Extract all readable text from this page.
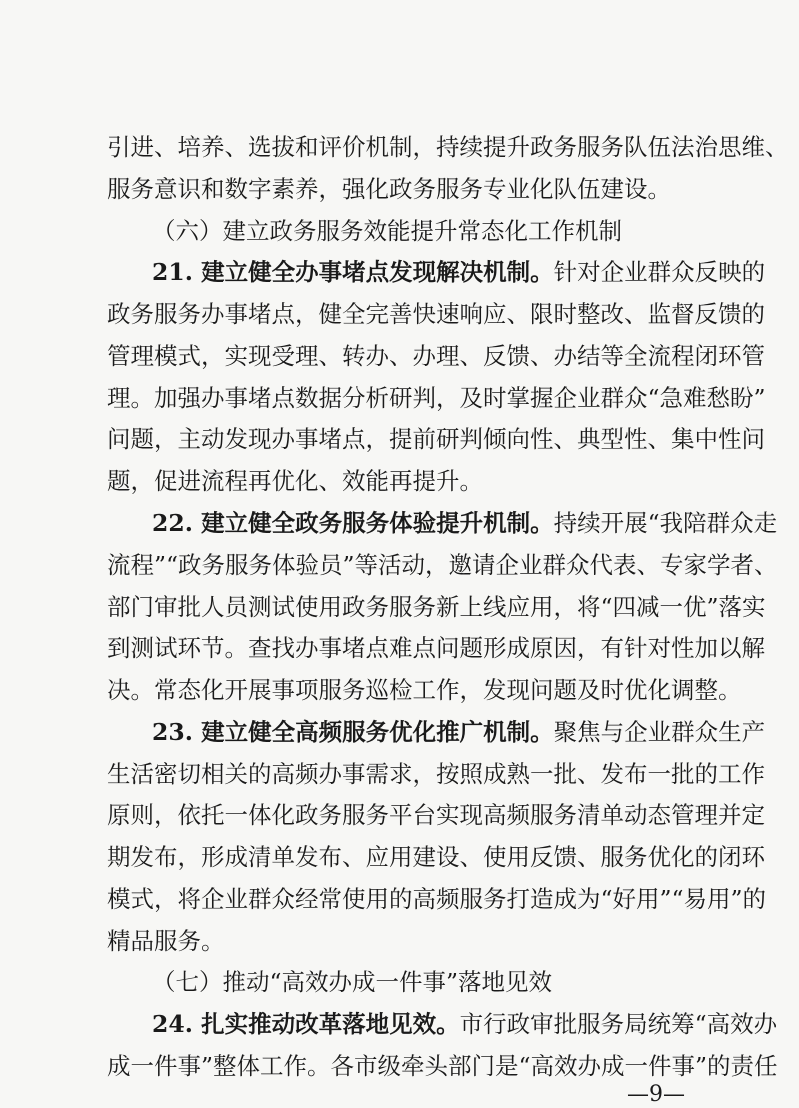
引进、培养、选拔和评价机制，持续提升政务服务队伍法治思维、
服务意识和数字素养，强化政务服务专业化队伍建设。
（六）建立政务服务效能提升常态化工作机制
21. 建立健全办事堵点发现解决机制。针对企业群众反映的
政务服务办事堵点，健全完善快速响应、限时整改、监督反馈的
管理模式，实现受理、转办、办理、反馈、办结等全流程闭环管
理。加强办事堵点数据分析研判，及时掌握企业群众“急难愁盼”
问题，主动发现办事堵点，提前研判倾向性、典型性、集中性问
题，促进流程再优化、效能再提升。
22. 建立健全政务服务体验提升机制。持续开展“我陪群众走
流程”“政务服务体验员”等活动，邀请企业群众代表、专家学者、
部门审批人员测试使用政务服务新上线应用，将“四减一优”落实
到测试环节。查找办事堵点难点问题形成原因，有针对性加以解
决。常态化开展事项服务巡检工作，发现问题及时优化调整。
23. 建立健全高频服务优化推广机制。聚焦与企业群众生产
生活密切相关的高频办事需求，按照成熟一批、发布一批的工作
原则，依托一体化政务服务平台实现高频服务清单动态管理并定
期发布，形成清单发布、应用建设、使用反馈、服务优化的闭环
模式，将企业群众经常使用的高频服务打造成为“好用”“易用”的
精品服务。
（七）推动“高效办成一件事”落地见效
24. 扎实推动改革落地见效。市行政审批服务局统筹“高效办
成一件事”整体工作。各市级牵头部门是“高效办成一件事”的责任
—9—
